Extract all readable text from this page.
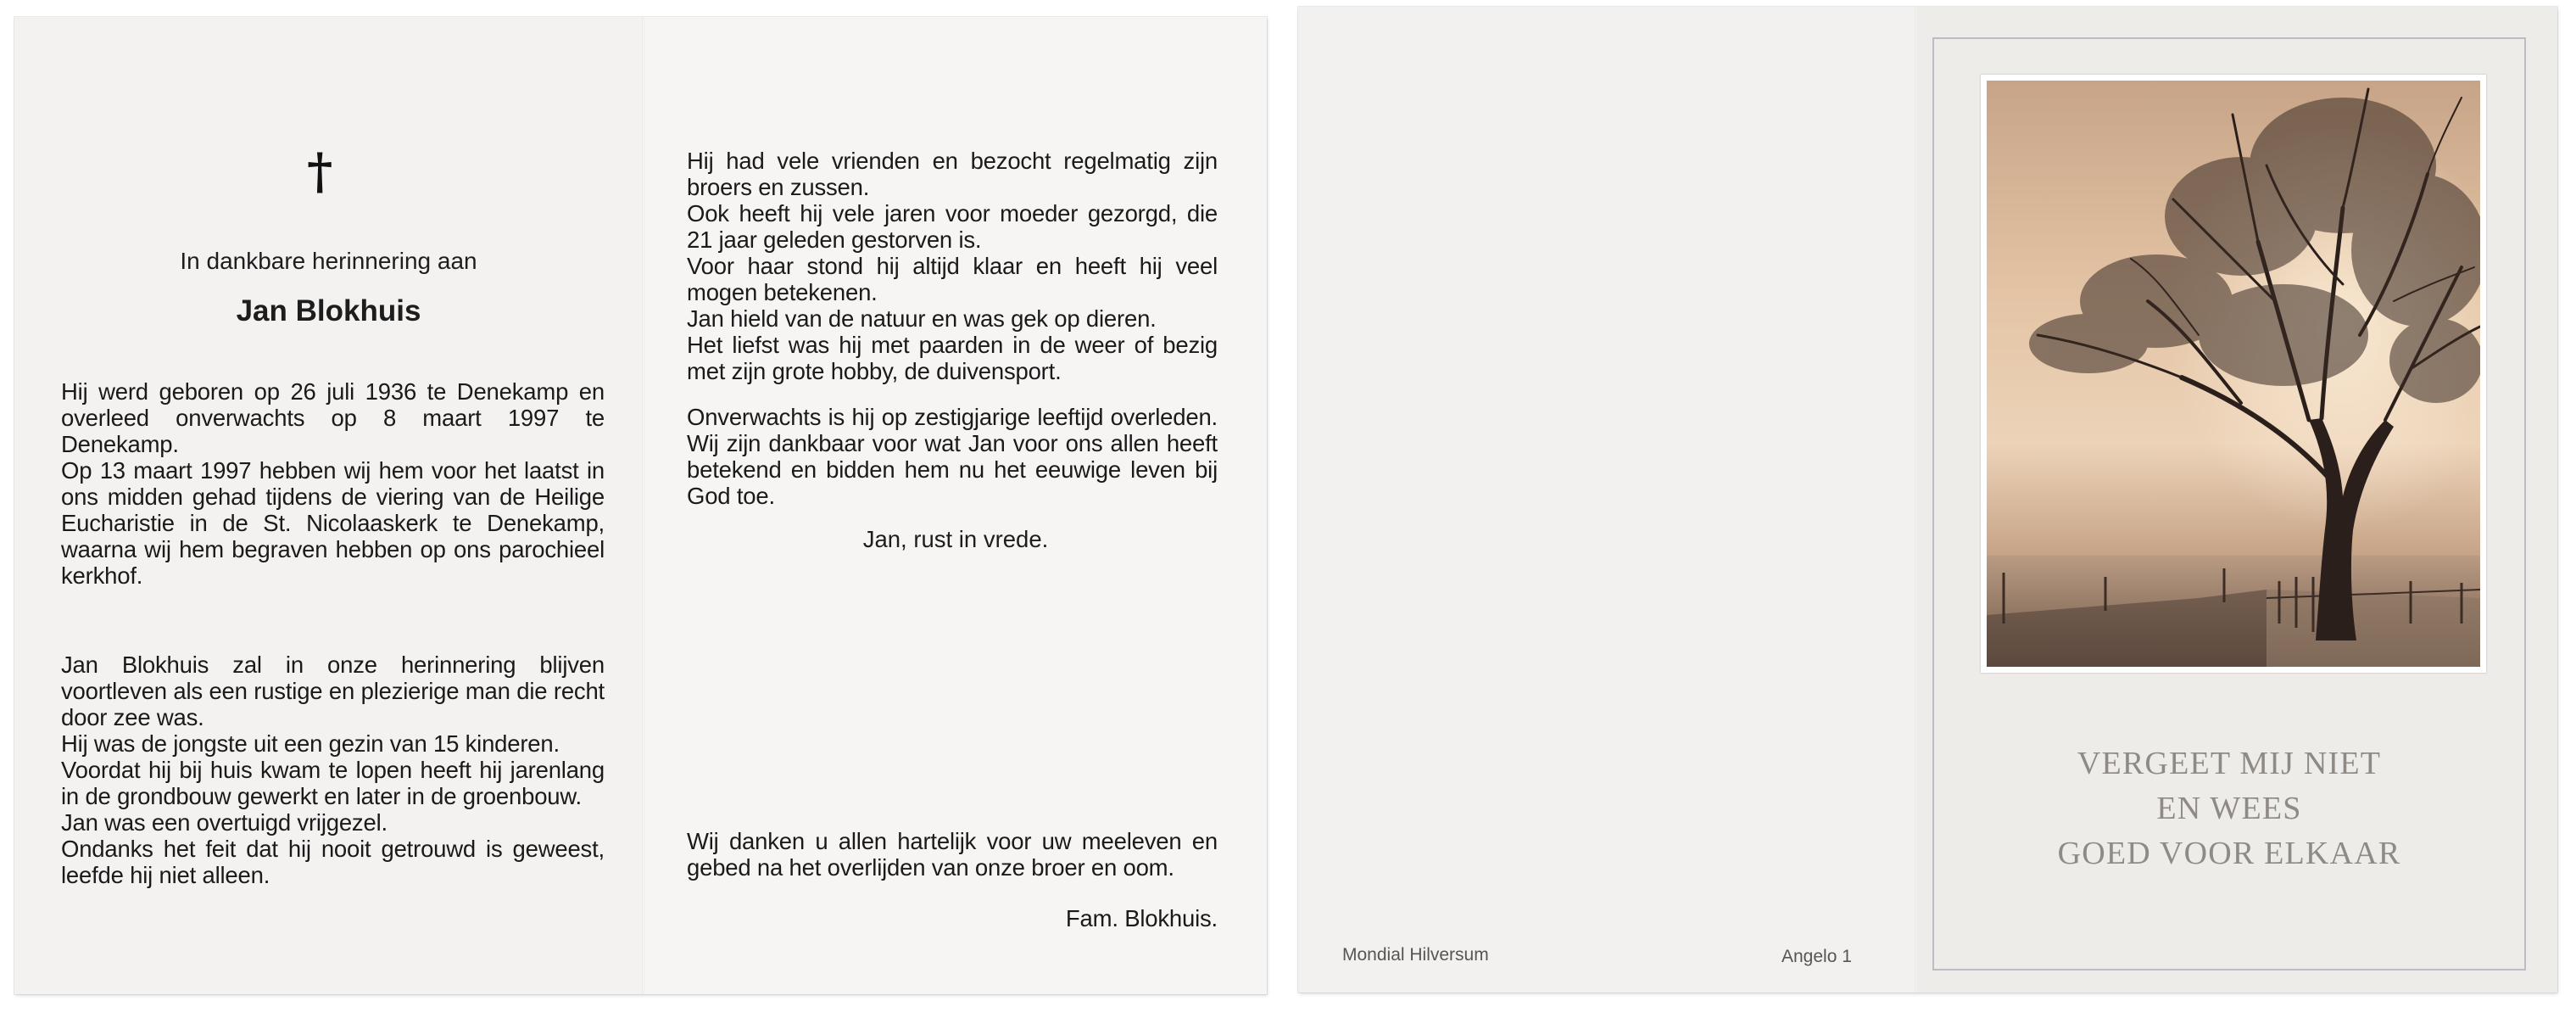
†
In dankbare herinnering aan
Jan Blokhuis

Hij werd geboren op 26 juli 1936 te Denekamp en overleed onverwachts op 8 maart 1997 te Denekamp.

Op 13 maart 1997 hebben wij hem voor het laatst in ons midden gehad tijdens de viering van de Heilige Eucharistie in de St. Nicolaaskerk te Denekamp, waarna wij hem begraven hebben op ons parochieel kerkhof.

Jan Blokhuis zal in onze herinnering blijven voortleven als een rustige en plezierige man die recht door zee was.

Hij was de jongste uit een gezin van 15 kinderen.

Voordat hij bij huis kwam te lopen heeft hij jarenlang in de grondbouw gewerkt en later in de groenbouw.

Jan was een overtuigd vrijgezel.

Ondanks het feit dat hij nooit getrouwd is geweest, leefde hij niet alleen.

Hij had vele vrienden en bezocht regelmatig zijn broers en zussen.

Ook heeft hij vele jaren voor moeder gezorgd, die 21 jaar geleden gestorven is.

Voor haar stond hij altijd klaar en heeft hij veel mogen betekenen.

Jan hield van de natuur en was gek op dieren.

Het liefst was hij met paarden in de weer of bezig met zijn grote hobby, de duivensport.

Onverwachts is hij op zestigjarige leeftijd overleden. Wij zijn dankbaar voor wat Jan voor ons allen heeft betekend en bidden hem nu het eeuwige leven bij God toe.

Jan, rust in vrede.

Wij danken u allen hartelijk voor uw meeleven en gebed na het overlijden van onze broer en oom.

Fam. Blokhuis.
Mondial Hilversum	Angelo 1
VERGEET MIJ NIET
EN WEES
GOED VOOR ELKAAR
